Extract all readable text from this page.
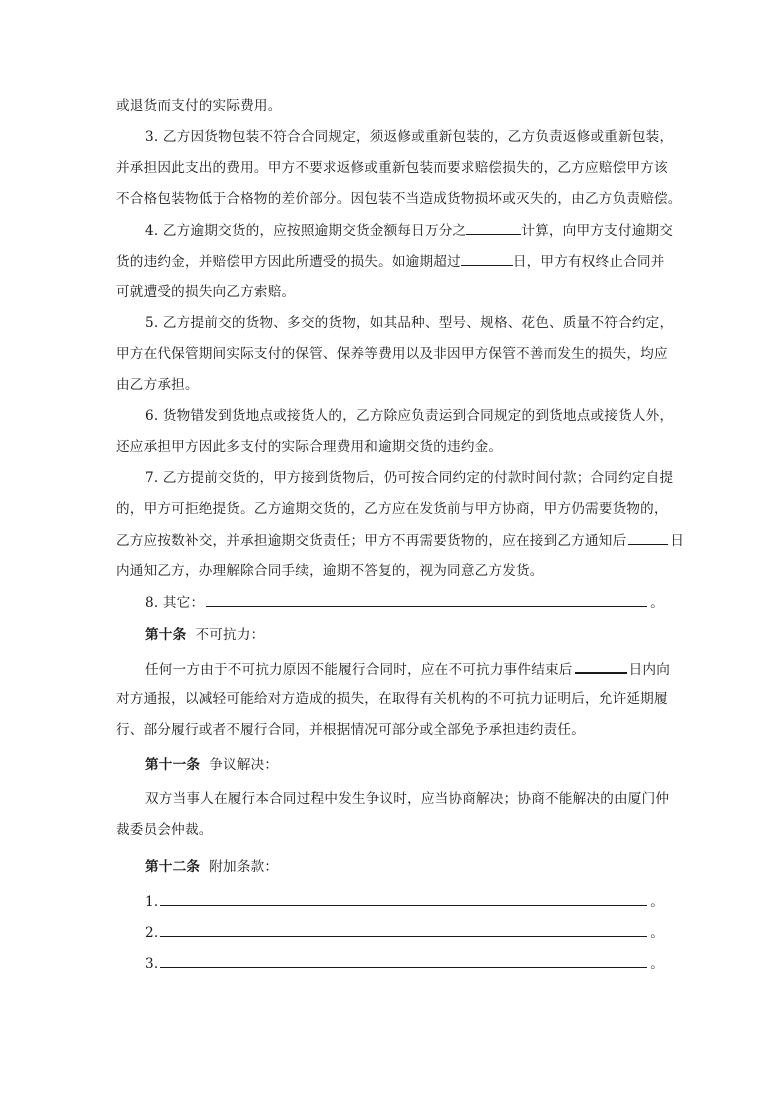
或退货而支付的实际费用。
3. 乙方因货物包装不符合合同规定，须返修或重新包装的，乙方负责返修或重新包装，
并承担因此支出的费用。甲方不要求返修或重新包装而要求赔偿损失的，乙方应赔偿甲方该
不合格包装物低于合格物的差价部分。因包装不当造成货物损坏或灭失的，由乙方负责赔偿。
4. 乙方逾期交货的，应按照逾期交货金额每日万分之	计算，向甲方支付逾期交
货的违约金，并赔偿甲方因此所遭受的损失。如逾期超过	日，甲方有权终止合同并
可就遭受的损失向乙方索赔。
5. 乙方提前交的货物、多交的货物，如其品种、型号、规格、花色、质量不符合约定，
甲方在代保管期间实际支付的保管、保养等费用以及非因甲方保管不善而发生的损失，均应
由乙方承担。
6. 货物错发到货地点或接货人的，乙方除应负责运到合同规定的到货地点或接货人外，
还应承担甲方因此多支付的实际合理费用和逾期交货的违约金。
7. 乙方提前交货的，甲方接到货物后，仍可按合同约定的付款时间付款；合同约定自提
的，甲方可拒绝提货。乙方逾期交货的，乙方应在发货前与甲方协商，甲方仍需要货物的，
乙方应按数补交，并承担逾期交货责任；甲方不再需要货物的，应在接到乙方通知后	日
内通知乙方，办理解除合同手续，逾期不答复的，视为同意乙方发货。
8. 其它：	。
第十条 不可抗力：
任何一方由于不可抗力原因不能履行合同时，应在不可抗力事件结束后	日内向
对方通报，以减轻可能给对方造成的损失，在取得有关机构的不可抗力证明后，允许延期履
行、部分履行或者不履行合同，并根据情况可部分或全部免予承担违约责任。
第十一条 争议解决：
双方当事人在履行本合同过程中发生争议时，应当协商解决；协商不能解决的由厦门仲
裁委员会仲裁。
第十二条 附加条款：
1.	。
2.	。
3.	。
